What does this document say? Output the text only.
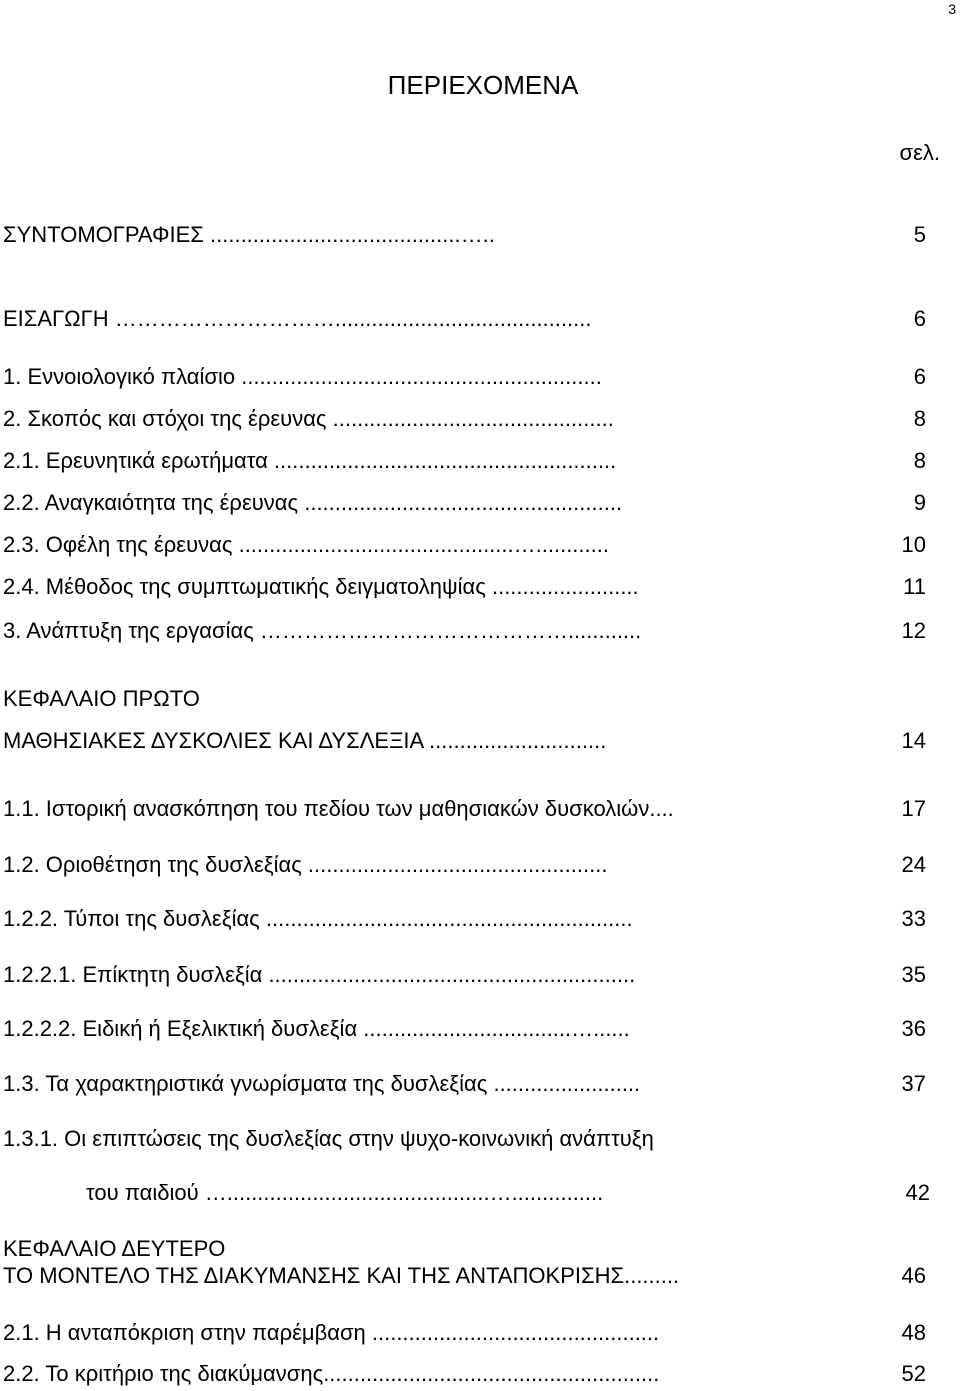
3
ΠΕΡΙΕΧΟΜΕΝΑ
σελ.
ΣΥΝΤΟΜΟΓΡΑΦΙΕΣ .........................................…..	5
ΕΙΣΑΓΩΓΗ …………………………..........................................	6
1. Εννοιολογικό πλαίσιο ...........................................................	6
2. Σκοπός και στόχοι της έρευνας ..............................................	8
2.1. Ερευνητικά ερωτήματα ........................................................	8
2.2. Αναγκαιότητα της έρευνας ....................................................	9
2.3. Οφέλη της έρευνας .............................................…............	10
2.4. Μέθοδος της συμπτωματικής δειγματοληψίας ........................	11
3. Ανάπτυξη της εργασίας ……………………………………............	12
ΚΕΦΑΛΑΙΟ ΠΡΩΤΟ
ΜΑΘΗΣΙΑΚΕΣ ΔΥΣΚΟΛΙΕΣ ΚΑΙ ΔΥΣΛΕΞΙΑ .............................	14
1.1. Ιστορική ανασκόπηση του πεδίου των μαθησιακών δυσκολιών....	17
1.2. Οριοθέτηση της δυσλεξίας .................................................	24
1.2.2. Τύποι της δυσλεξίας ............................................................	33
1.2.2.1. Επίκτητη δυσλεξία ............................................................	35
1.2.2.2. Ειδική ή Εξελικτική δυσλεξία ..................................…......	36
1.3. Τα χαρακτηριστικά γνωρίσματα της δυσλεξίας ........................	37
1.3.1. Οι επιπτώσεις της δυσλεξίας στην ψυχο-κοινωνική ανάπτυξη
του παιδιού …...........................................…...............	42
ΚΕΦΑΛΑΙΟ ΔΕΥΤΕΡΟ
ΤΟ ΜΟΝΤΕΛΟ ΤΗΣ ΔΙΑΚΥΜΑΝΣΗΣ ΚΑΙ ΤΗΣ ΑΝΤΑΠΟΚΡΙΣΗΣ.........	46
2.1. Η ανταπόκριση στην παρέμβαση ...............................................	48
2.2. Το κριτήριο της διακύμανσης.......................................................	52
